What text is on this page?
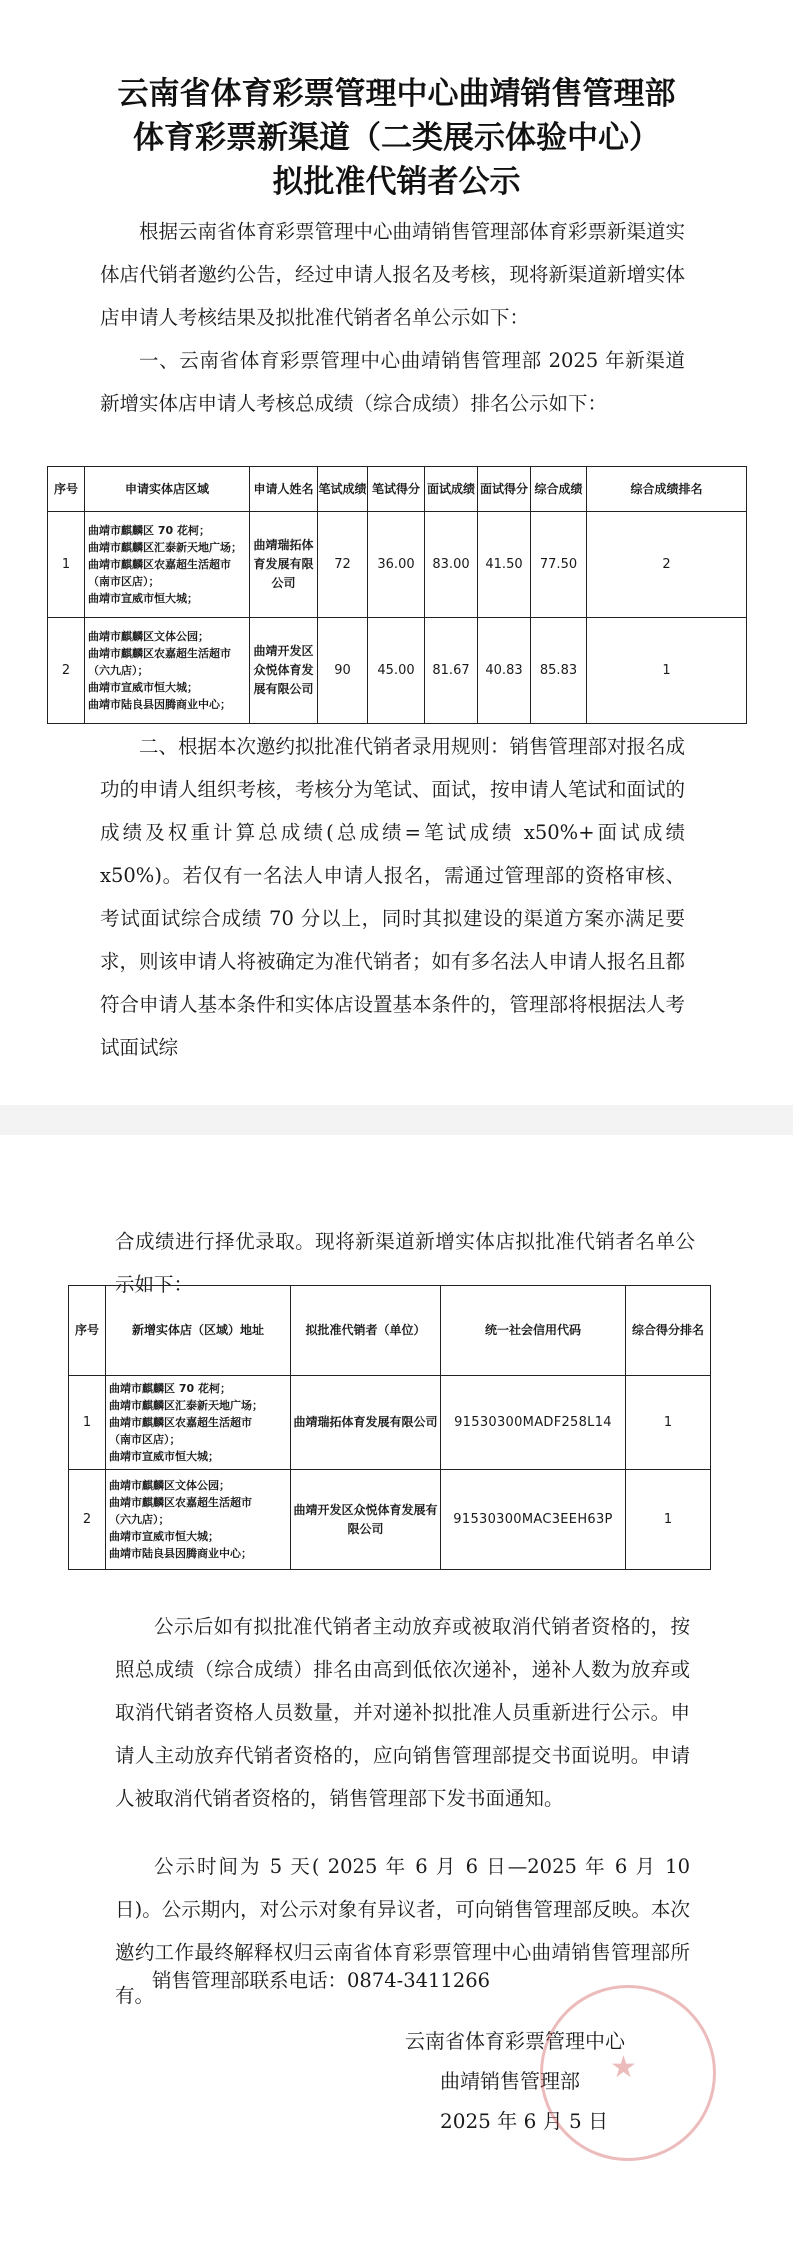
云南省体育彩票管理中心曲靖销售管理部
体育彩票新渠道（二类展示体验中心）
拟批准代销者公示
根据云南省体育彩票管理中心曲靖销售管理部体育彩票新渠道实体店代销者邀约公告，经过申请人报名及考核，现将新渠道新增实体店申请人考核结果及拟批准代销者名单公示如下：
一、云南省体育彩票管理中心曲靖销售管理部 2025 年新渠道新增实体店申请人考核总成绩（综合成绩）排名公示如下：
序号	申请实体店区域	申请人姓名	笔试成绩	笔试得分	面试成绩	面试得分	综合成绩	综合成绩排名
1	曲靖市麒麟区 70 花柯；
曲靖市麒麟区汇泰新天地广场；
曲靖市麒麟区农嘉超生活超市
（南市区店）；
曲靖市宣威市恒大城；	曲靖瑞拓体育发展有限公司	72	36.00	83.00	41.50	77.50	2
2	曲靖市麒麟区文体公园；
曲靖市麒麟区农嘉超生活超市
（六九店）；
曲靖市宣威市恒大城；
曲靖市陆良县因腾商业中心；	曲靖开发区众悦体育发展有限公司	90	45.00	81.67	40.83	85.83	1
二、根据本次邀约拟批准代销者录用规则：销售管理部对报名成功的申请人组织考核，考核分为笔试、面试，按申请人笔试和面试的成绩及权重计算总成绩(总成绩=笔试成绩 x50%+面试成绩 x50%)。若仅有一名法人申请人报名，需通过管理部的资格审核、考试面试综合成绩 70 分以上，同时其拟建设的渠道方案亦满足要求，则该申请人将被确定为准代销者；如有多名法人申请人报名且都符合申请人基本条件和实体店设置基本条件的，管理部将根据法人考试面试综
合成绩进行择优录取。现将新渠道新增实体店拟批准代销者名单公示如下：
序号	新增实体店（区域）地址	拟批准代销者（单位）	统一社会信用代码	综合得分排名
1	曲靖市麒麟区 70 花柯；
曲靖市麒麟区汇泰新天地广场；
曲靖市麒麟区农嘉超生活超市
（南市区店）；
曲靖市宣威市恒大城；	曲靖瑞拓体育发展有限公司	91530300MADF258L14	1
2	曲靖市麒麟区文体公园；
曲靖市麒麟区农嘉超生活超市
（六九店）；
曲靖市宣威市恒大城；
曲靖市陆良县因腾商业中心；	曲靖开发区众悦体育发展有限公司	91530300MAC3EEH63P	1
公示后如有拟批准代销者主动放弃或被取消代销者资格的，按照总成绩（综合成绩）排名由高到低依次递补，递补人数为放弃或取消代销者资格人员数量，并对递补拟批准人员重新进行公示。申请人主动放弃代销者资格的，应向销售管理部提交书面说明。申请人被取消代销者资格的，销售管理部下发书面通知。
公示时间为 5 天( 2025 年 6 月 6 日—2025 年 6 月 10 日)。公示期内，对公示对象有异议者，可向销售管理部反映。本次邀约工作最终解释权归云南省体育彩票管理中心曲靖销售管理部所有。
销售管理部联系电话：0874-3411266
云南省体育彩票管理中心
曲靖销售管理部
2025 年 6 月 5 日
★
